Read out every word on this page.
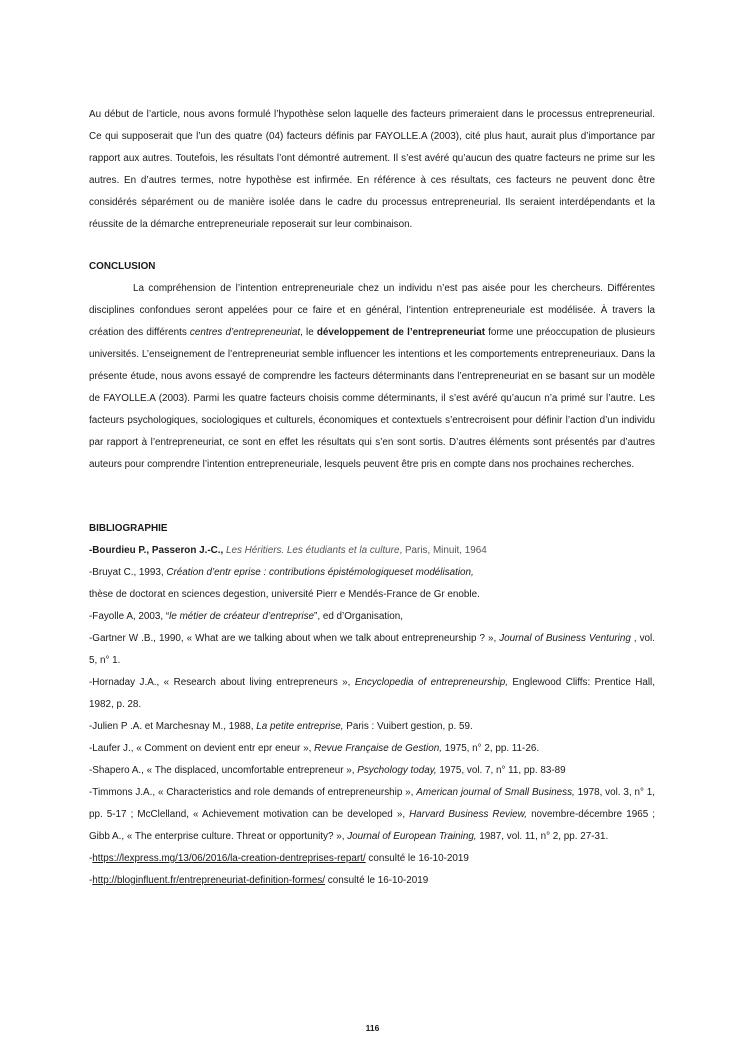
Au début de l’article, nous avons formulé l’hypothèse selon laquelle des facteurs primeraient dans le processus entrepreneurial. Ce qui supposerait que l’un des quatre (04) facteurs définis par FAYOLLE.A (2003), cité plus haut, aurait plus d’importance par rapport aux autres. Toutefois, les résultats l’ont démontré autrement. Il s’est avéré qu’aucun des quatre facteurs ne prime sur les autres. En d’autres termes, notre hypothèse est infirmée. En référence à ces résultats, ces facteurs ne peuvent donc être considérés séparément ou de manière isolée dans le cadre du processus entrepreneurial. Ils seraient interdépendants et la réussite de la démarche entrepreneuriale reposerait sur leur combinaison.

CONCLUSION

La compréhension de l’intention entrepreneuriale chez un individu n’est pas aisée pour les chercheurs. Différentes disciplines confondues seront appelées pour ce faire et en général, l’intention entrepreneuriale est modélisée. À travers la création des différents centres d’entrepreneuriat, le développement de l’entrepreneuriat forme une préoccupation de plusieurs universités. L’enseignement de l’entrepreneuriat semble influencer les intentions et les comportements entrepreneuriaux. Dans la présente étude, nous avons essayé de comprendre les facteurs déterminants dans l’entrepreneuriat en se basant sur un modèle de FAYOLLE.A (2003). Parmi les quatre facteurs choisis comme déterminants, il s’est avéré qu’aucun n’a primé sur l’autre. Les facteurs psychologiques, sociologiques et culturels, économiques et contextuels s’entrecroisent pour définir l’action d’un individu par rapport à l’entrepreneuriat, ce sont en effet les résultats qui s’en sont sortis. D’autres éléments sont présentés par d’autres auteurs pour comprendre l’intention entrepreneuriale, lesquels peuvent être pris en compte dans nos prochaines recherches.

BIBLIOGRAPHIE

-Bourdieu P., Passeron J.-C., Les Héritiers. Les étudiants et la culture, Paris, Minuit, 1964

-Bruyat C., 1993, Création d’entr eprise : contributions épistémologiqueset modélisation,

thèse de doctorat en sciences degestion, université Pierr e Mendés-France de Gr enoble.

-Fayolle A, 2003, “le métier de créateur d’entreprise”, ed d’Organisation,

-Gartner W .B., 1990, « What are we talking about when we talk about entrepreneurship ? », Journal of Business Venturing , vol. 5, n° 1.

-Hornaday J.A., « Research about living entrepreneurs », Encyclopedia of entrepreneurship, Englewood Cliffs: Prentice Hall, 1982, p. 28.

-Julien P .A. et Marchesnay M., 1988, La petite entreprise, Paris : Vuibert gestion, p. 59.

-Laufer J., « Comment on devient entr epr eneur », Revue Française de Gestion, 1975, n° 2, pp. 11-26.

-Shapero A., « The displaced, uncomfortable entrepreneur », Psychology today, 1975, vol. 7, n° 11, pp. 83-89

-Timmons J.A., « Characteristics and role demands of entrepreneurship », American journal of Small Business, 1978, vol. 3, n° 1, pp. 5-17 ; McClelland, « Achievement motivation can be developed », Harvard Business Review, novembre-décembre 1965 ; Gibb A., « The enterprise culture. Threat or opportunity? », Journal of European Training, 1987, vol. 11, n° 2, pp. 27-31.

-https://lexpress.mg/13/06/2016/la-creation-dentreprises-repart/ consulté le 16-10-2019

-http://bloginfluent.fr/entrepreneuriat-definition-formes/ consulté le 16-10-2019

116
